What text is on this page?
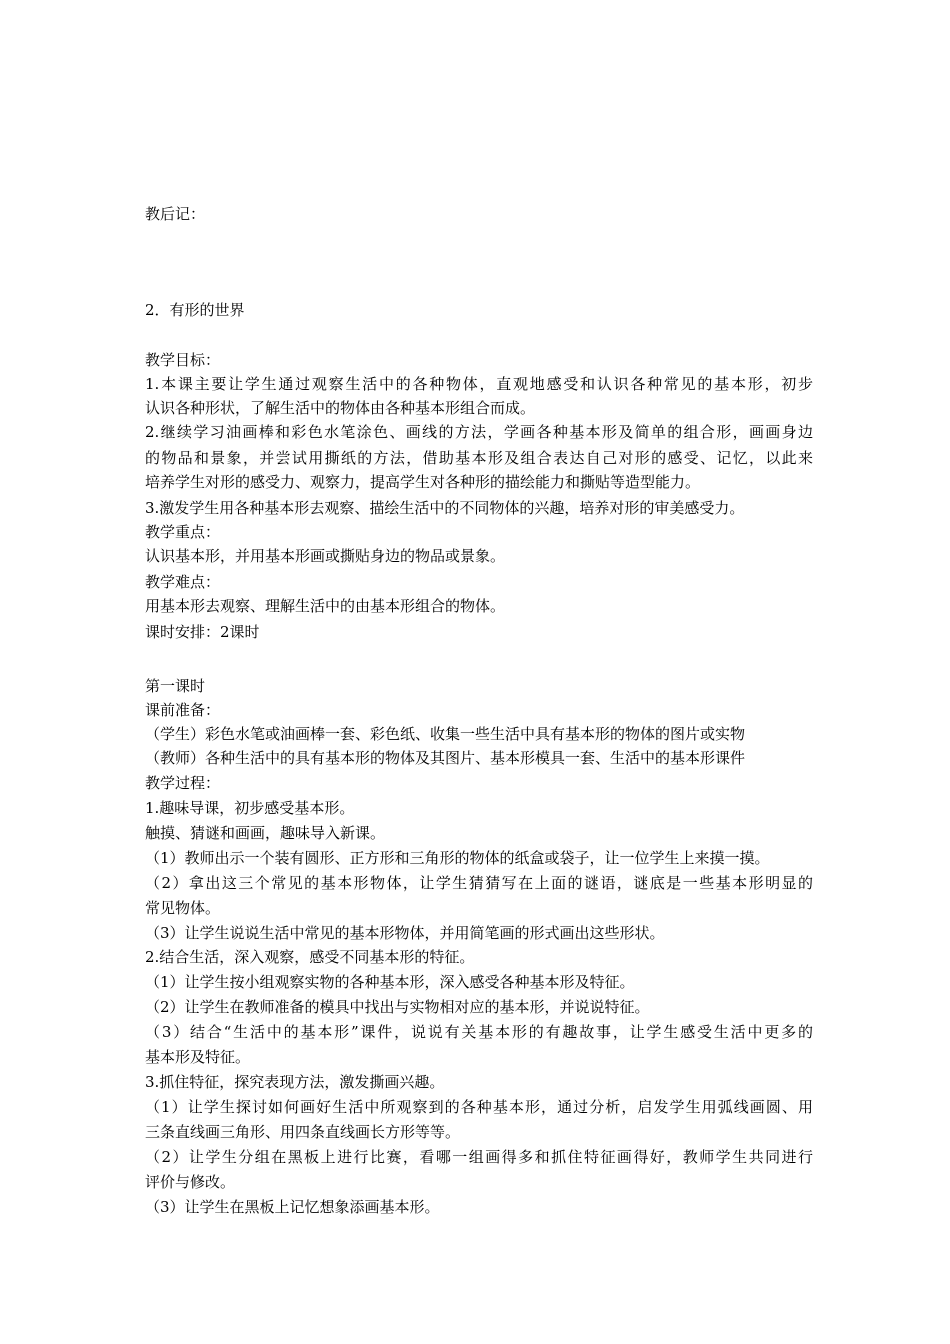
教后记：
2．有形的世界
教学目标：
1.本课主要让学生通过观察生活中的各种物体，直观地感受和认识各种常见的基本形，初步
认识各种形状，了解生活中的物体由各种基本形组合而成。
2.继续学习油画棒和彩色水笔涂色、画线的方法，学画各种基本形及简单的组合形，画画身边
的物品和景象，并尝试用撕纸的方法，借助基本形及组合表达自己对形的感受、记忆，以此来
培养学生对形的感受力、观察力，提高学生对各种形的描绘能力和撕贴等造型能力。
3.激发学生用各种基本形去观察、描绘生活中的不同物体的兴趣，培养对形的审美感受力。
教学重点：
认识基本形，并用基本形画或撕贴身边的物品或景象。
教学难点：
用基本形去观察、理解生活中的由基本形组合的物体。
课时安排：2课时
第一课时
课前准备：
（学生）彩色水笔或油画棒一套、彩色纸、收集一些生活中具有基本形的物体的图片或实物
（教师）各种生活中的具有基本形的物体及其图片、基本形模具一套、生活中的基本形课件
教学过程：
1.趣味导课，初步感受基本形。
触摸、猜谜和画画，趣味导入新课。
（1）教师出示一个装有圆形、正方形和三角形的物体的纸盒或袋子，让一位学生上来摸一摸。
（2）拿出这三个常见的基本形物体，让学生猜猜写在上面的谜语，谜底是一些基本形明显的
常见物体。
（3）让学生说说生活中常见的基本形物体，并用简笔画的形式画出这些形状。
2.结合生活，深入观察，感受不同基本形的特征。
（1）让学生按小组观察实物的各种基本形，深入感受各种基本形及特征。
（2）让学生在教师准备的模具中找出与实物相对应的基本形，并说说特征。
（3）结合“生活中的基本形”课件，说说有关基本形的有趣故事，让学生感受生活中更多的
基本形及特征。
3.抓住特征，探究表现方法，激发撕画兴趣。
（1）让学生探讨如何画好生活中所观察到的各种基本形，通过分析，启发学生用弧线画圆、用
三条直线画三角形、用四条直线画长方形等等。
（2）让学生分组在黑板上进行比赛，看哪一组画得多和抓住特征画得好，教师学生共同进行
评价与修改。
（3）让学生在黑板上记忆想象添画基本形。
